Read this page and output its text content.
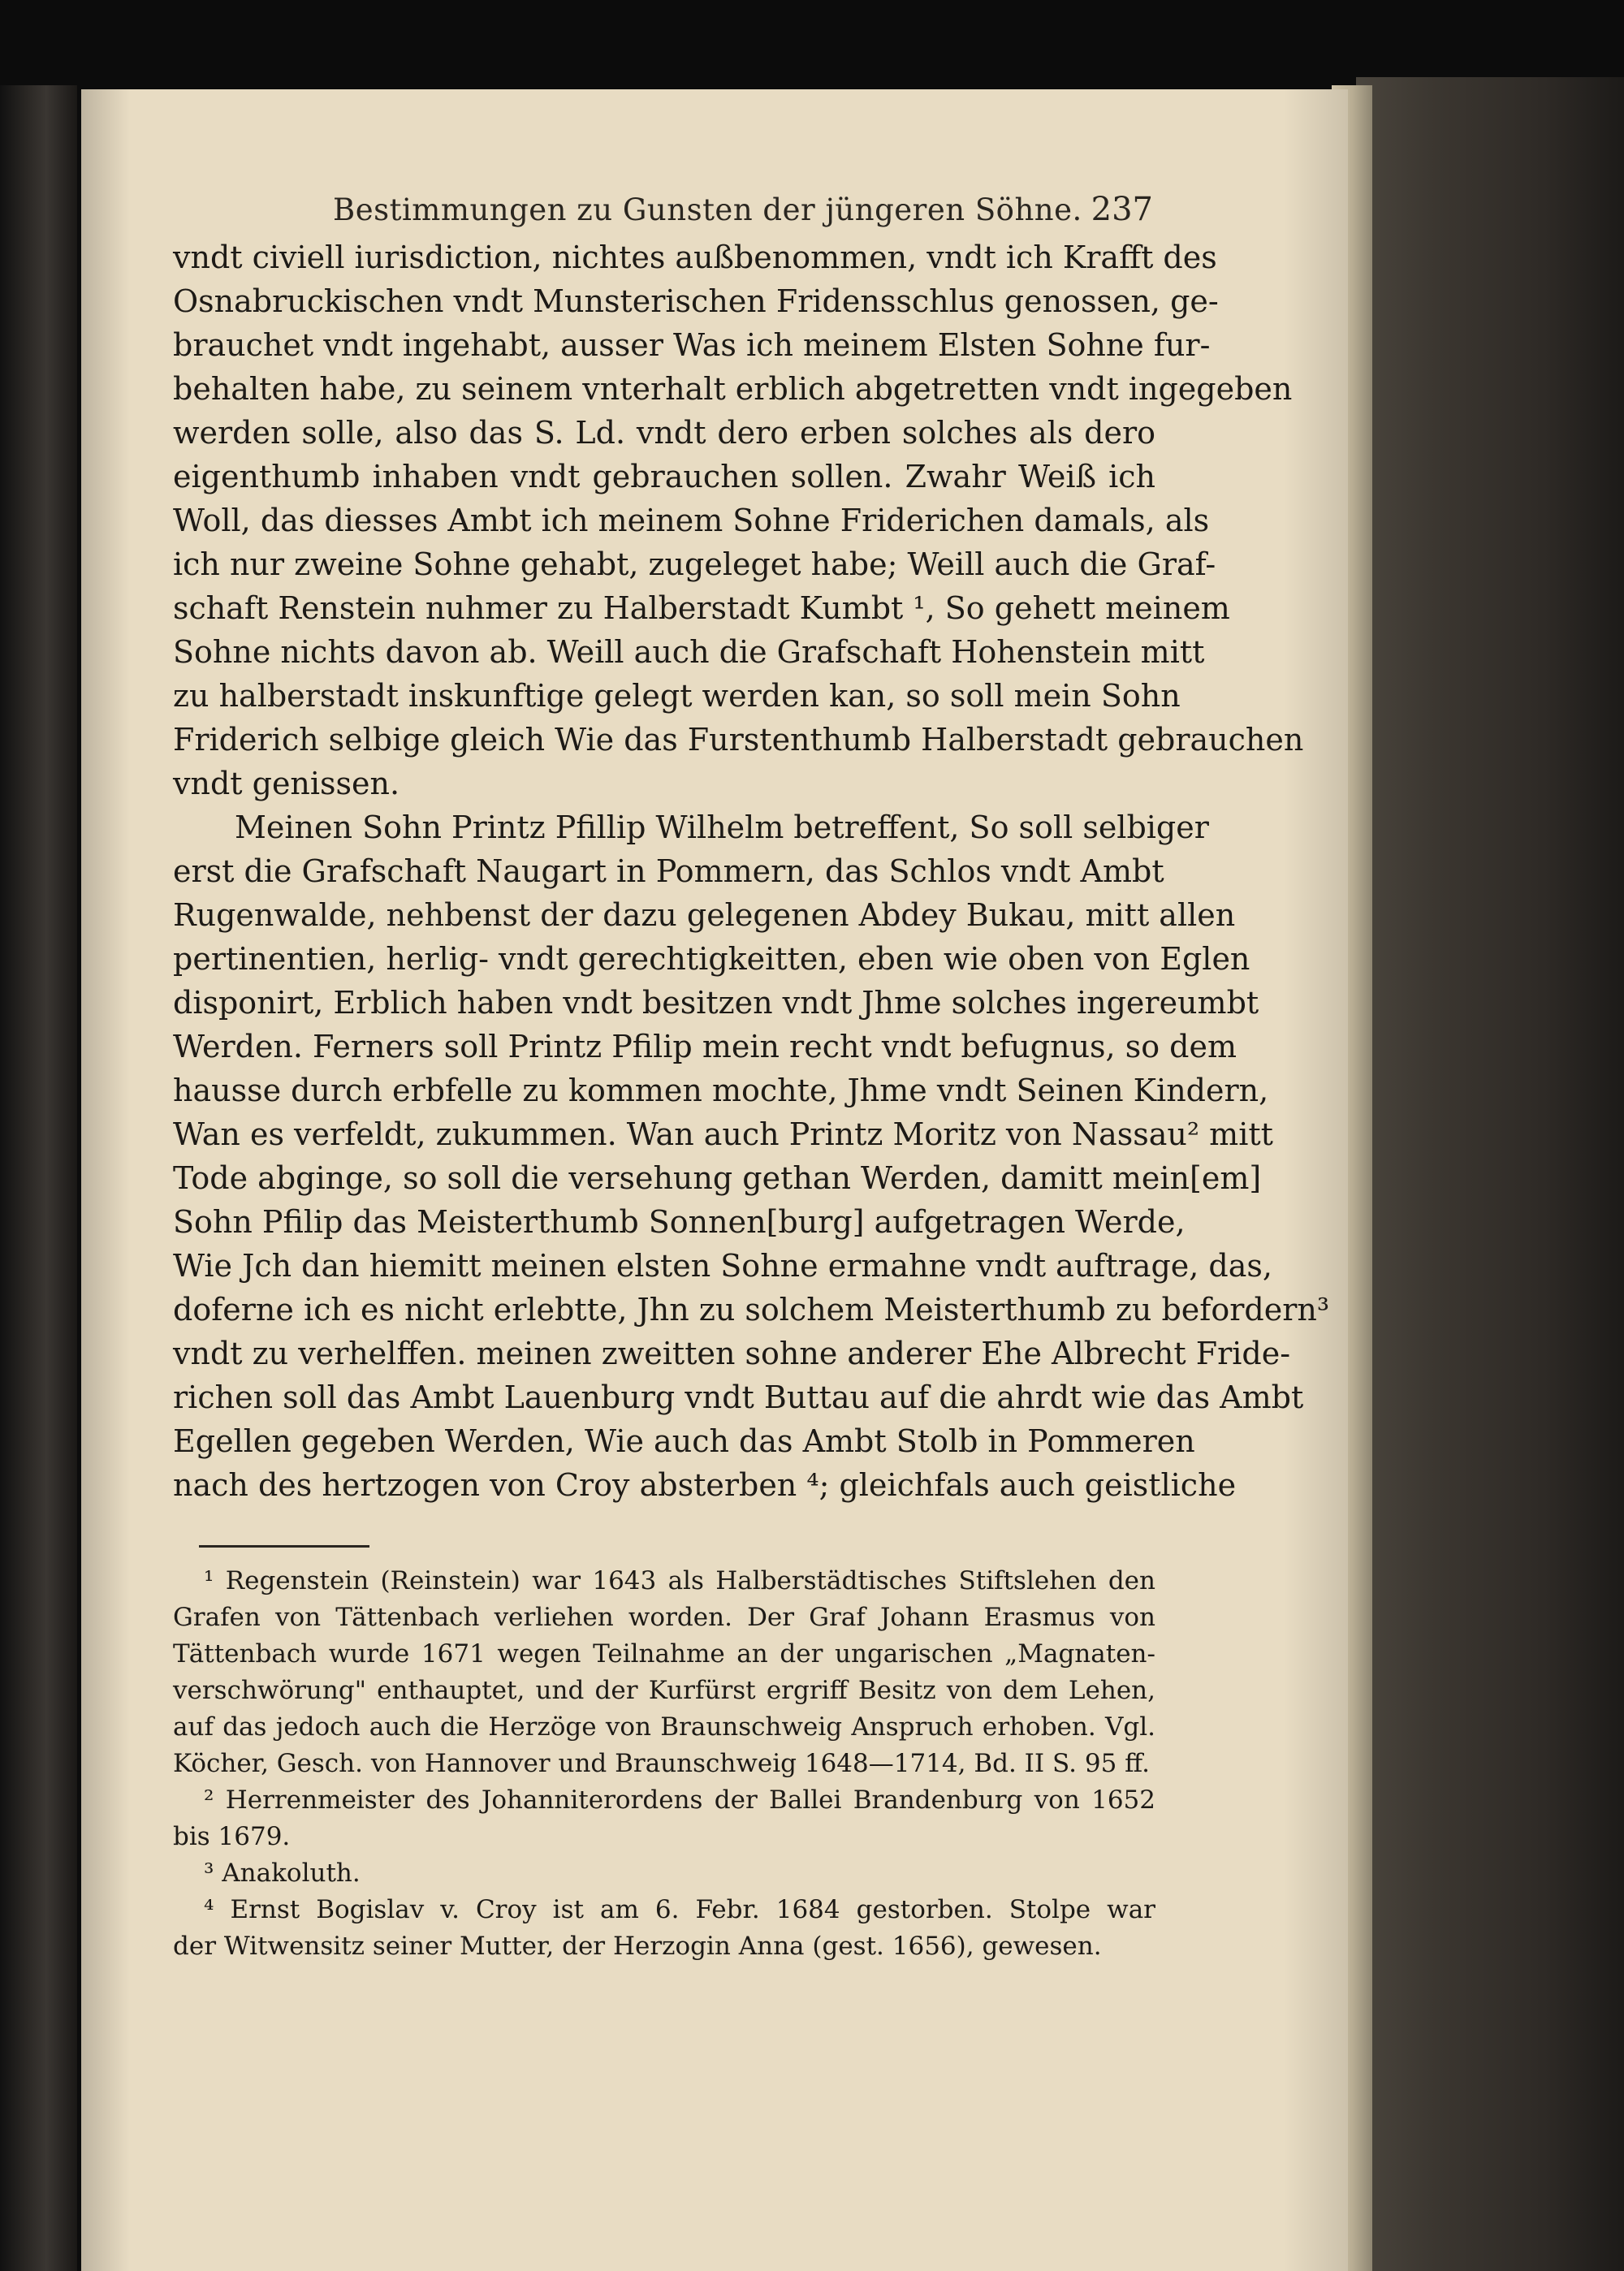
Bestimmungen zu Gunsten der jüngeren Söhne. 237
vndt civiell iurisdiction, nichtes außbenommen, vndt ich Krafft des
Osnabruckischen vndt Munsterischen Fridensschlus genossen, ge-
brauchet vndt ingehabt, ausser Was ich meinem Elsten Sohne fur-
behalten habe, zu seinem vnterhalt erblich abgetretten vndt ingegeben
werden solle, also das S. Ld. vndt dero erben solches als dero
eigenthumb inhaben vndt gebrauchen sollen. Zwahr Weiß ich
Woll, das diesses Ambt ich meinem Sohne Friderichen damals, als
ich nur zweine Sohne gehabt, zugeleget habe; Weill auch die Graf-
schaft Renstein nuhmer zu Halberstadt Kumbt ¹, So gehett meinem
Sohne nichts davon ab. Weill auch die Grafschaft Hohenstein mitt
zu halberstadt inskunftige gelegt werden kan, so soll mein Sohn
Friderich selbige gleich Wie das Furstenthumb Halberstadt gebrauchen
vndt genissen.
Meinen Sohn Printz Pfillip Wilhelm betreffent, So soll selbiger
erst die Grafschaft Naugart in Pommern, das Schlos vndt Ambt
Rugenwalde, nehbenst der dazu gelegenen Abdey Bukau, mitt allen
pertinentien, herlig- vndt gerechtigkeitten, eben wie oben von Eglen
disponirt, Erblich haben vndt besitzen vndt Jhme solches ingereumbt
Werden. Ferners soll Printz Pfilip mein recht vndt befugnus, so dem
hausse durch erbfelle zu kommen mochte, Jhme vndt Seinen Kindern,
Wan es verfeldt, zukummen. Wan auch Printz Moritz von Nassau² mitt
Tode abginge, so soll die versehung gethan Werden, damitt mein[em]
Sohn Pfilip das Meisterthumb Sonnen[burg] aufgetragen Werde,
Wie Jch dan hiemitt meinen elsten Sohne ermahne vndt auftrage, das,
doferne ich es nicht erlebtte, Jhn zu solchem Meisterthumb zu befordern³
vndt zu verhelffen. meinen zweitten sohne anderer Ehe Albrecht Fride-
richen soll das Ambt Lauenburg vndt Buttau auf die ahrdt wie das Ambt
Egellen gegeben Werden, Wie auch das Ambt Stolb in Pommeren
nach des hertzogen von Croy absterben ⁴; gleichfals auch geistliche
¹ Regenstein (Reinstein) war 1643 als Halberstädtisches Stiftslehen den
Grafen von Tättenbach verliehen worden. Der Graf Johann Erasmus von
Tättenbach wurde 1671 wegen Teilnahme an der ungarischen „Magnaten-
verschwörung" enthauptet, und der Kurfürst ergriff Besitz von dem Lehen,
auf das jedoch auch die Herzöge von Braunschweig Anspruch erhoben. Vgl.
Köcher, Gesch. von Hannover und Braunschweig 1648—1714, Bd. II S. 95 ff.
² Herrenmeister des Johanniterordens der Ballei Brandenburg von 1652
bis 1679.
³ Anakoluth.
⁴ Ernst Bogislav v. Croy ist am 6. Febr. 1684 gestorben. Stolpe war
der Witwensitz seiner Mutter, der Herzogin Anna (gest. 1656), gewesen.
